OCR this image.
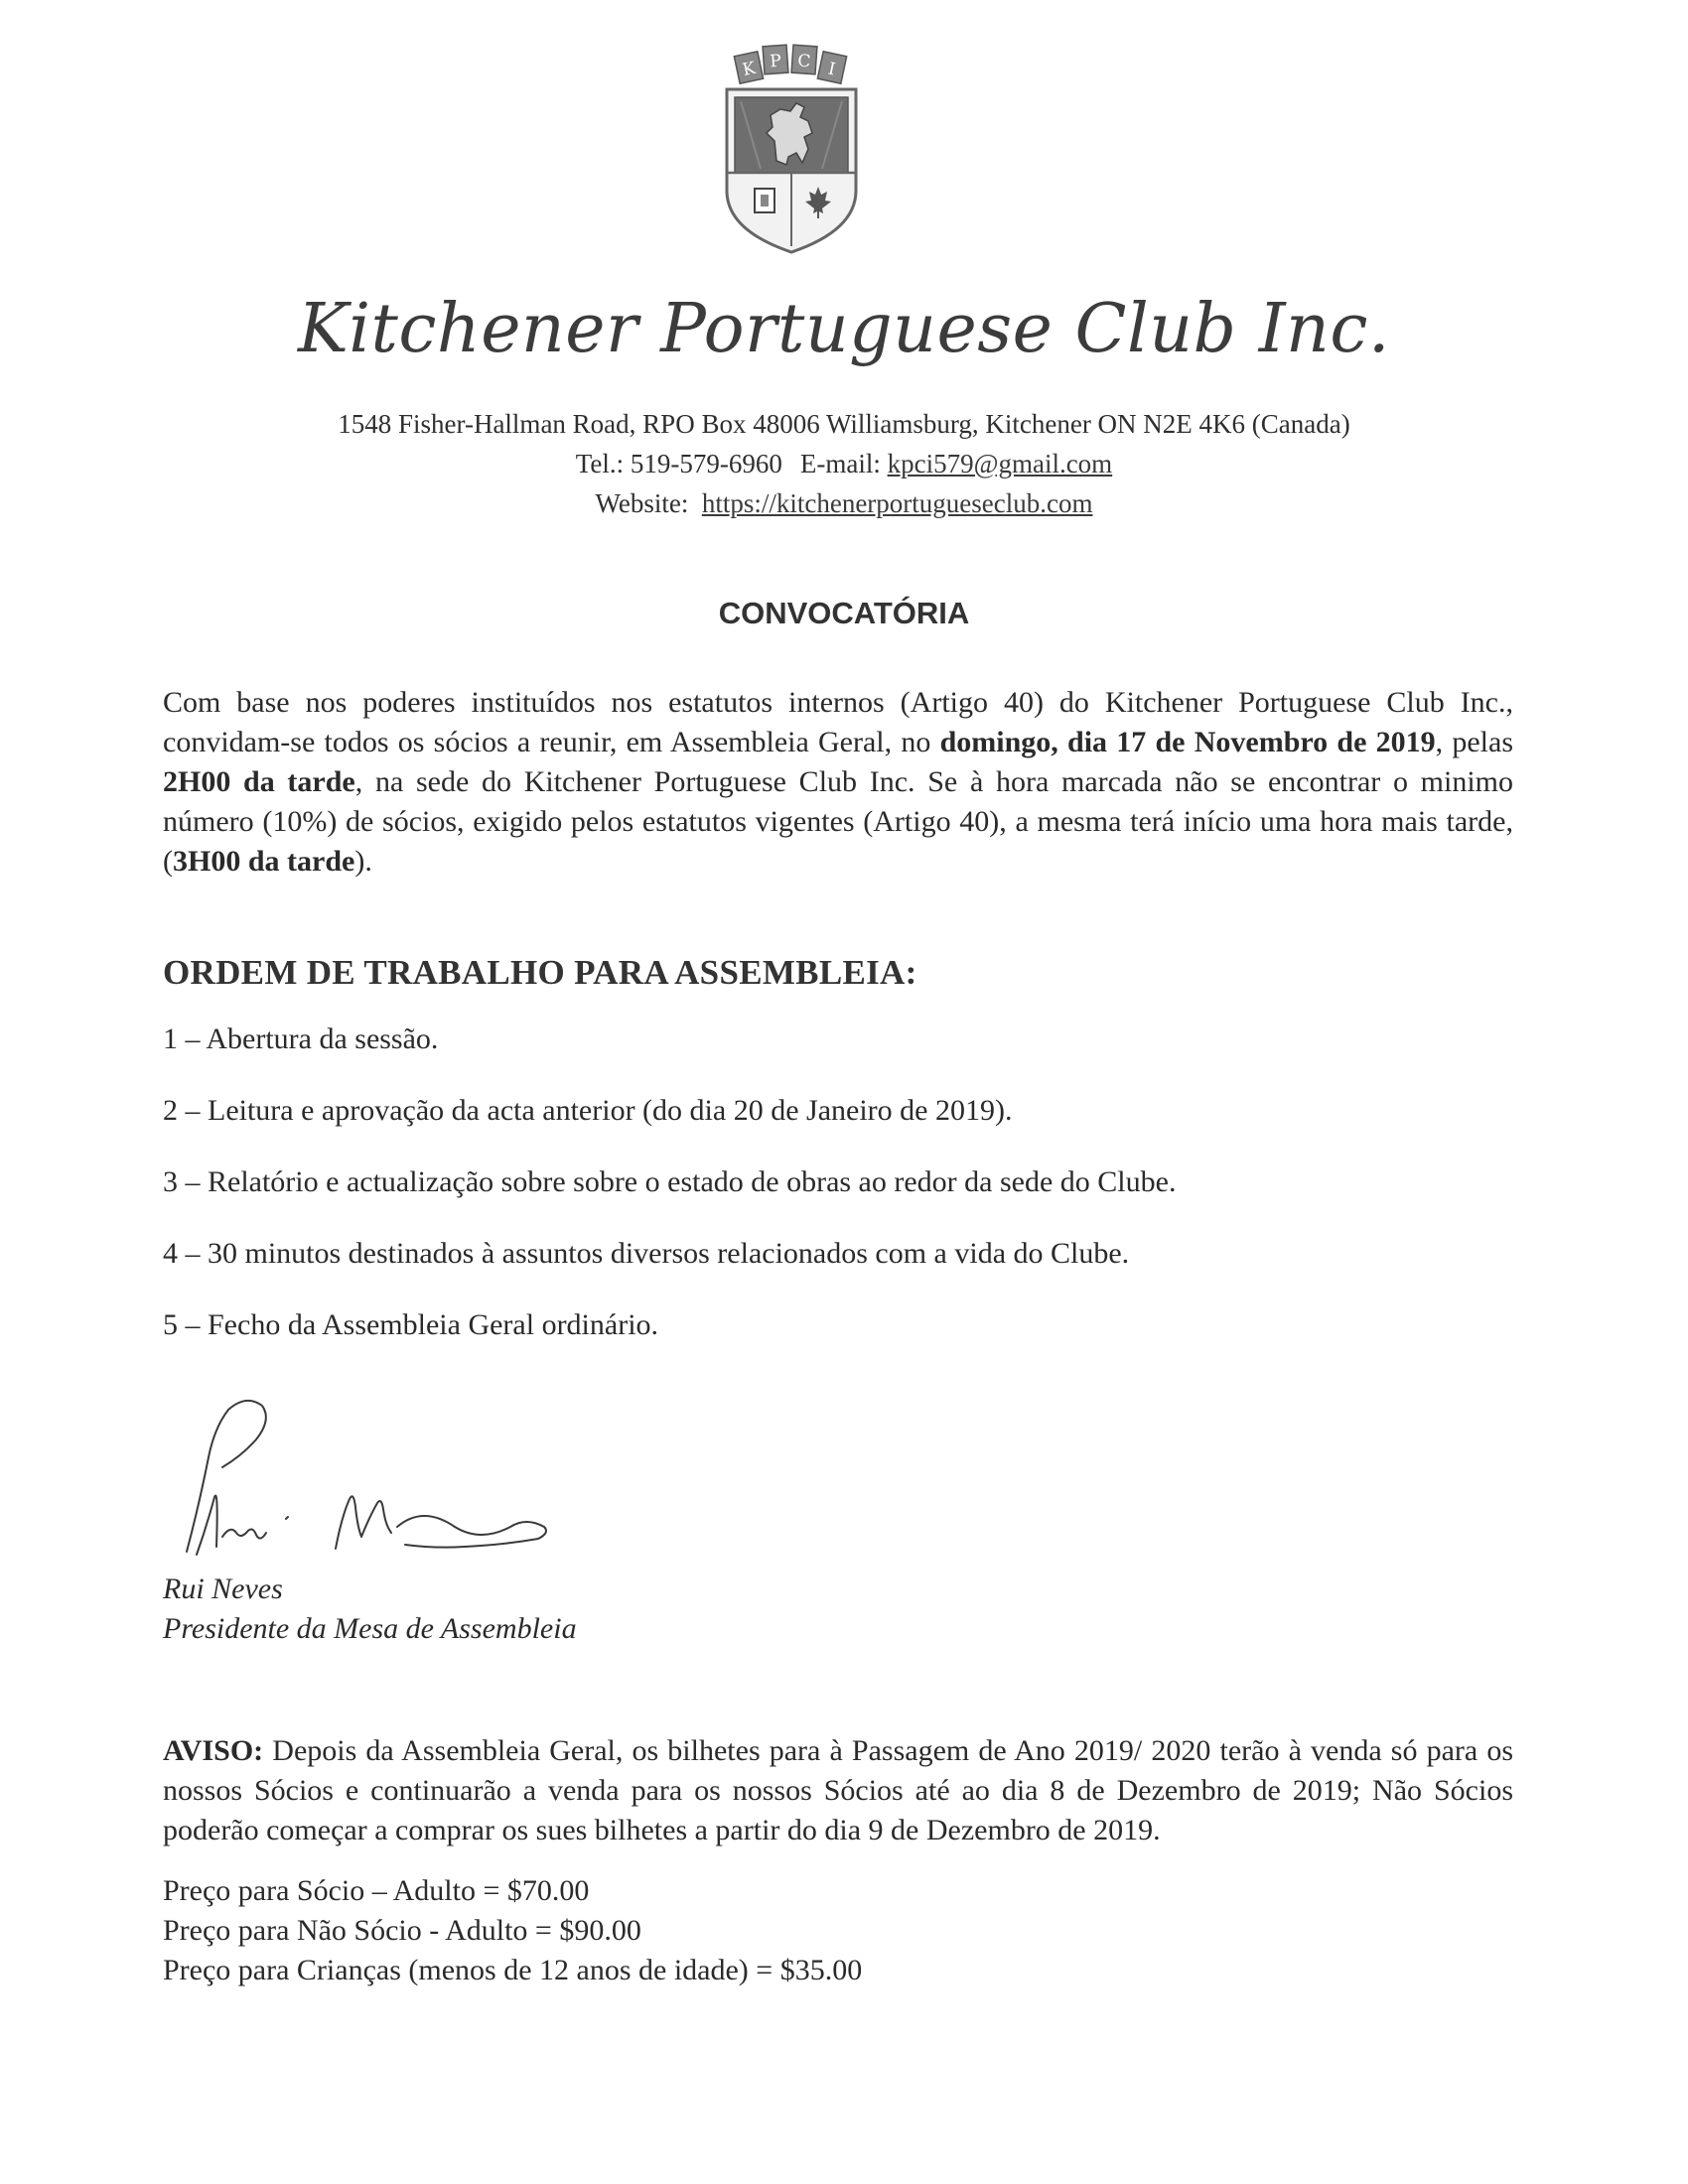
K P C I
Kitchener Portuguese Club Inc.
1548 Fisher-Hallman Road, RPO Box 48006 Williamsburg, Kitchener ON N2E 4K6 (Canada)
Tel.: 519-579-6960 E-mail: kpci579@gmail.com
Website: https://kitchenerportugueseclub.com
CONVOCATÓRIA
Com base nos poderes instituídos nos estatutos internos (Artigo 40) do Kitchener Portuguese Club Inc., convidam-se todos os sócios a reunir, em Assembleia Geral, no domingo, dia 17 de Novembro de 2019, pelas 2H00 da tarde, na sede do Kitchener Portuguese Club Inc. Se à hora marcada não se encontrar o minimo número (10%) de sócios, exigido pelos estatutos vigentes (Artigo 40), a mesma terá início uma hora mais tarde, (3H00 da tarde).
ORDEM DE TRABALHO PARA ASSEMBLEIA:
1 – Abertura da sessão.
2 – Leitura e aprovação da acta anterior (do dia 20 de Janeiro de 2019).
3 – Relatório e actualização sobre sobre o estado de obras ao redor da sede do Clube.
4 – 30 minutos destinados à assuntos diversos relacionados com a vida do Clube.
5 – Fecho da Assembleia Geral ordinário.
Rui Neves
Presidente da Mesa de Assembleia
AVISO: Depois da Assembleia Geral, os bilhetes para à Passagem de Ano 2019/ 2020 terão à venda só para os nossos Sócios e continuarão a venda para os nossos Sócios até ao dia 8 de Dezembro de 2019; Não Sócios poderão começar a comprar os sues bilhetes a partir do dia 9 de Dezembro de 2019.
Preço para Sócio – Adulto = $70.00
Preço para Não Sócio - Adulto = $90.00
Preço para Crianças (menos de 12 anos de idade) = $35.00
